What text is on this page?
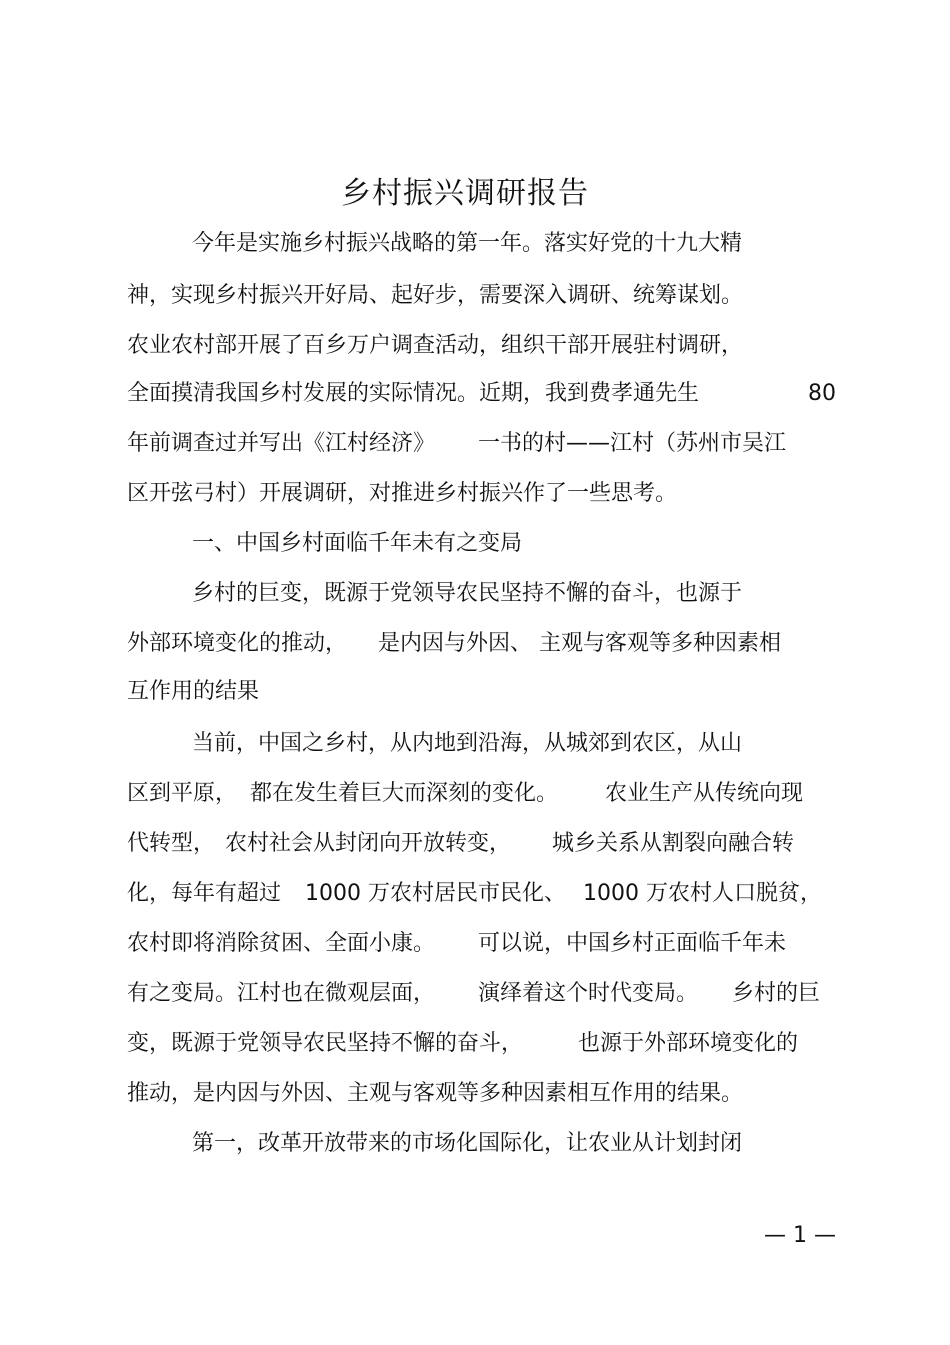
乡村振兴调研报告
今年是实施乡村振兴战略的第一年。落实好党的十九大精
神，实现乡村振兴开好局、起好步，需要深入调研、统筹谋划。
农业农村部开展了百乡万户调查活动，组织干部开展驻村调研，
全面摸清我国乡村发展的实际情况。近期，我到费孝通先生	80
年前调查过并写出《江村经济》 一书的村——江村（苏州市吴江
区开弦弓村）开展调研，对推进乡村振兴作了一些思考。
一、中国乡村面临千年未有之变局
乡村的巨变，既源于党领导农民坚持不懈的奋斗，也源于
外部环境变化的推动， 是内因与外因、 主观与客观等多种因素相
互作用的结果
当前，中国之乡村，从内地到沿海，从城郊到农区，从山
区到平原， 都在发生着巨大而深刻的变化。 农业生产从传统向现
代转型， 农村社会从封闭向开放转变， 城乡关系从割裂向融合转
化，每年有超过 1000 万农村居民市民化、 1000 万农村人口脱贫，
农村即将消除贫困、全面小康。 可以说，中国乡村正面临千年未
有之变局。江村也在微观层面， 演绎着这个时代变局。 乡村的巨
变，既源于党领导农民坚持不懈的奋斗， 也源于外部环境变化的
推动，是内因与外因、主观与客观等多种因素相互作用的结果。
第一，改革开放带来的市场化国际化，让农业从计划封闭
— 1 —
